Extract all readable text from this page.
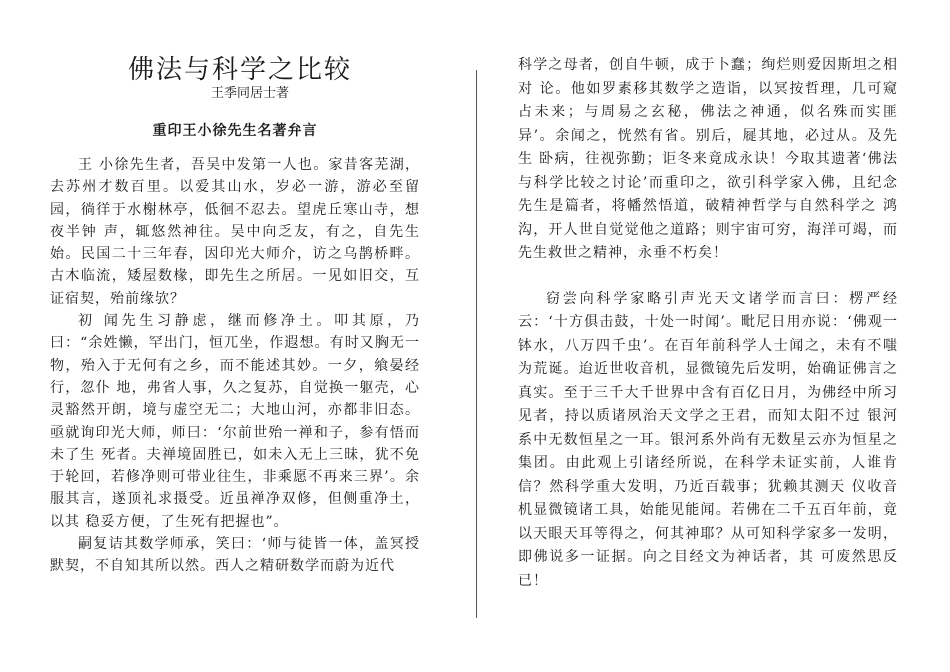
佛法与科学之比较
王季同居士著
重印王小徐先生名著弁言

王 小徐先生者，吾吴中发第一人也。家昔客芜湖，去苏州才数百里。以爱其山水，岁必一游，游必至留园，徜徉于水榭林亭，低徊不忍去。望虎丘寒山寺，想夜半钟 声，辄悠然神往。吴中向乏友，有之，自先生始。民国二十三年春，因印光大师介，访之乌鹊桥畔。古木临流，矮屋数椽，即先生之所居。一见如旧交，互证宿契，殆前缘欤？

初 闻先生习静虑，继而修净土。叩其原，乃曰：“余姓懒，罕出门，恒兀坐，作遐想。有时又胸无一物，殆入于无何有之乡，而不能述其妙。一夕，飨晏经行，忽仆 地，弗省人事，久之复苏，自觉换一躯壳，心灵豁然开朗，境与虚空无二；大地山河，亦都非旧态。亟就询印光大师，师曰：‘尔前世殆一禅和子，参有悟而未了生 死者。夫禅境固胜已，如未入无上三昧，犹不免于轮回，若修净则可带业往生，非乘愿不再来三界’。余服其言，遂顶礼求摄受。近虽禅净双修，但侧重净土，以其 稳妥方便，了生死有把握也”。

嗣复诘其数学师承，笑曰：‘师与徒皆一体，盖冥授默契，不自知其所以然。西人之精研数学而蔚为近代

科学之母者，创自牛顿，成于卜蠢；绚烂则爱因斯坦之相对 论。他如罗素移其数学之造诣，以冥按哲理，几可窥占未来；与周易之玄秘，佛法之神通，似名殊而实匪异’。余闻之，恍然有省。别后，屣其地，必过从。及先生 卧病，往视弥勤；讵冬来竟成永诀！今取其遗著‘佛法与科学比较之讨论’而重印之，欲引科学家入佛，且纪念先生是篇者，将幡然悟道，破精神哲学与自然科学之 鸿沟，开人世自觉觉他之道路；则宇宙可穷，海洋可竭，而先生救世之精神，永垂不朽矣！

窃尝向科学家略引声光天文诸学而言曰：楞严经云：‘十方俱击鼓，十处一时闻’。毗尼日用亦说：‘佛观一钵水，八万四千虫’。在百年前科学人士闻之，未有不嗤 为荒诞。迨近世收音机，显微镜先后发明，始确证佛言之真实。至于三千大千世界中含有百亿日月，为佛经中所习见者，持以质诸夙治天文学之王君，而知太阳不过 银河系中无数恒星之一耳。银河系外尚有无数星云亦为恒星之集团。由此观上引诸经所说，在科学未证实前，人谁肯信？然科学重大发明，乃近百载事；犹赖其测天 仪收音机显微镜诸工具，始能见能闻。若佛在二千五百年前，竟以天眼天耳等得之，何其神耶？从可知科学家多一发明，即佛说多一证据。向之目经文为神话者，其 可废然思反已！
